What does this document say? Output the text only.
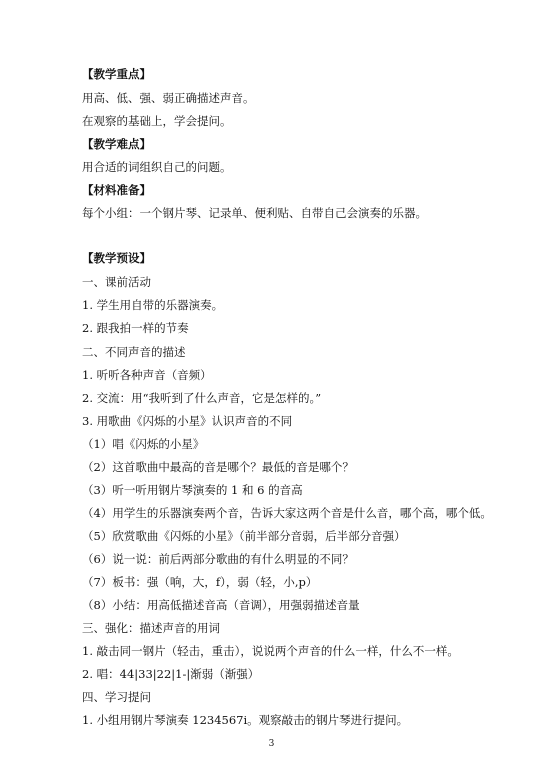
【教学重点】
用高、低、强、弱正确描述声音。
在观察的基础上，学会提问。
【教学难点】
用合适的词组织自己的问题。
【材料准备】
每个小组：一个钢片琴、记录单、便利贴、自带自己会演奏的乐器。
【教学预设】
一、课前活动
1. 学生用自带的乐器演奏。
2. 跟我拍一样的节奏
二、不同声音的描述
1. 听听各种声音（音频）
2. 交流：用“我听到了什么声音，它是怎样的。”
3. 用歌曲《闪烁的小星》认识声音的不同
（1）唱《闪烁的小星》
（2）这首歌曲中最高的音是哪个？最低的音是哪个？
（3）听一听用钢片琴演奏的 1 和 6 的音高
（4）用学生的乐器演奏两个音，告诉大家这两个音是什么音，哪个高，哪个低。
（5）欣赏歌曲《闪烁的小星》（前半部分音弱，后半部分音强）
（6）说一说：前后两部分歌曲的有什么明显的不同？
（7）板书：强（响，大，f），弱（轻，小,p）
（8）小结：用高低描述音高（音调），用强弱描述音量
三、强化：描述声音的用词
1. 敲击同一钢片（轻击，重击），说说两个声音的什么一样，什么不一样。
2. 唱：44|33|22|1-|渐弱（渐强）
四、学习提问
1. 小组用钢片琴演奏 1234567i。观察敲击的钢片琴进行提问。
3
